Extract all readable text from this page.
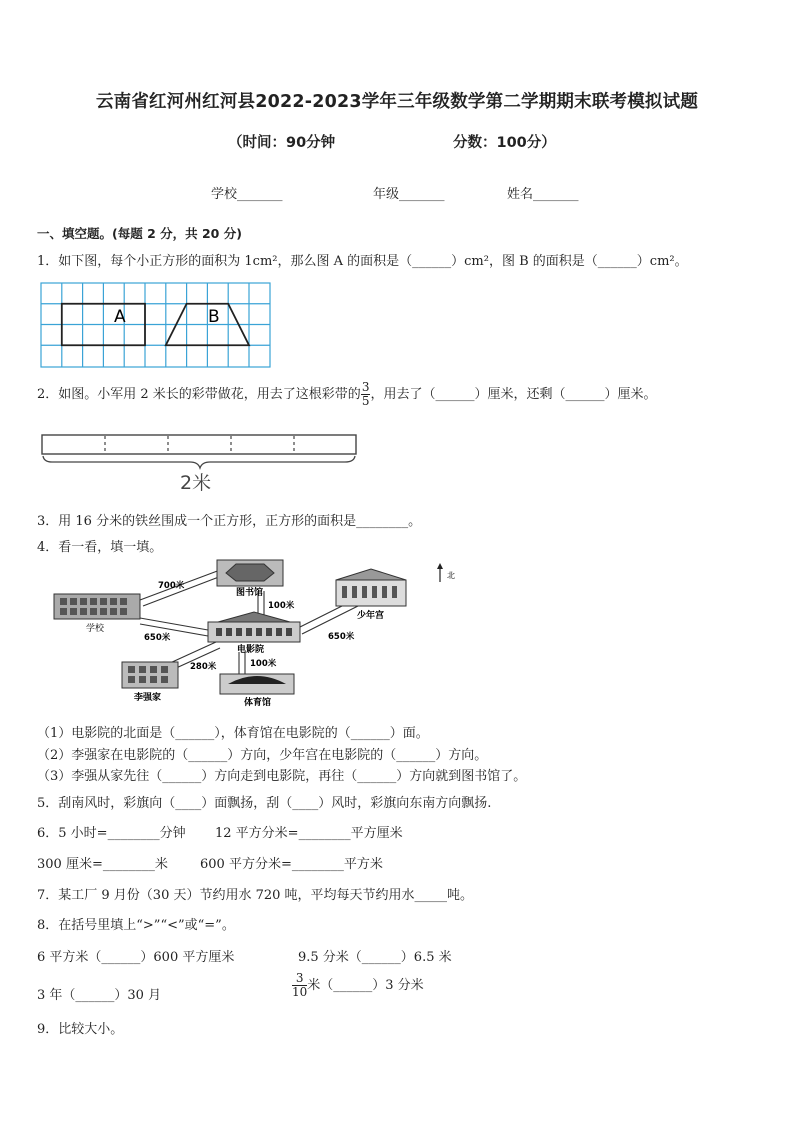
云南省红河州红河县2022-2023学年三年级数学第二学期期末联考模拟试题
（时间：90分钟	分数：100分）
学校_______	年级_______	姓名_______
一、填空题。(每题 2 分，共 20 分)
1．如下图，每个小正方形的面积为 1cm²，那么图 A 的面积是（______）cm²，图 B 的面积是（______）cm²。
A	B
2．如图。小军用 2 米长的彩带做花，用去了这根彩带的 $\frac{3}{5}$ ，用去了（______）厘米，还剩（______）厘米。
2米
3．用 16 分米的铁丝围成一个正方形，正方形的面积是________。
4．看一看，填一填。
学校
图书馆
电影院
少年宫
李强家	体育馆
700米
650米
100米
650米
280米	100米
北
（1）电影院的北面是（______），体育馆在电影院的（______）面。
（2）李强家在电影院的（______）方向，少年宫在电影院的（______）方向。
（3）李强从家先往（______）方向走到电影院，再往（______）方向就到图书馆了。
5．刮南风时，彩旗向（____）面飘扬，刮（____）风时，彩旗向东南方向飘扬.
6．5 小时=________分钟 12 平方分米=________平方厘米
300 厘米=________米 600 平方分米=________平方米
7．某工厂 9 月份（30 天）节约用水 720 吨，平均每天节约用水_____吨。
8．在括号里填上“>”“<”或“=”。
6 平方米（______）600 平方厘米	9.5 分米（______）6.5 米
3 年（______）30 月	$\frac{3}{10}$ 米（______）3 分米
9．比较大小。
